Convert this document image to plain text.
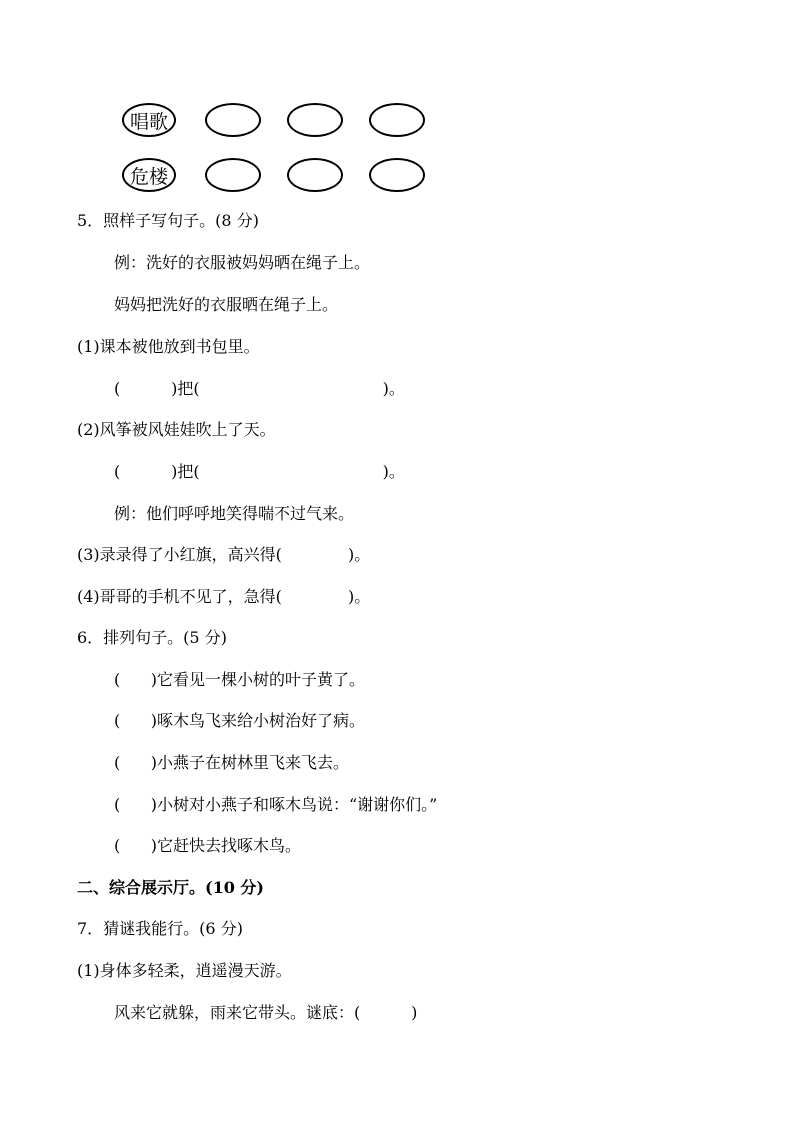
唱歌
危楼
5．照样子写句子。(8 分)
例：洗好的衣服被妈妈晒在绳子上。
妈妈把洗好的衣服晒在绳子上。
(1)课本被他放到书包里。
(          )把(                                    )。
(2)风筝被风娃娃吹上了天。
(          )把(                                    )。
例：他们呼呼地笑得喘不过气来。
(3)录录得了小红旗，高兴得(             )。
(4)哥哥的手机不见了，急得(             )。
6．排列句子。(5 分)
(      )它看见一棵小树的叶子黄了。
(      )啄木鸟飞来给小树治好了病。
(      )小燕子在树林里飞来飞去。
(      )小树对小燕子和啄木鸟说：“谢谢你们。”
(      )它赶快去找啄木鸟。
二、综合展示厅。(10 分)
7．猜谜我能行。(6 分)
(1)身体多轻柔，逍遥漫天游。
风来它就躲，雨来它带头。谜底：(          )
